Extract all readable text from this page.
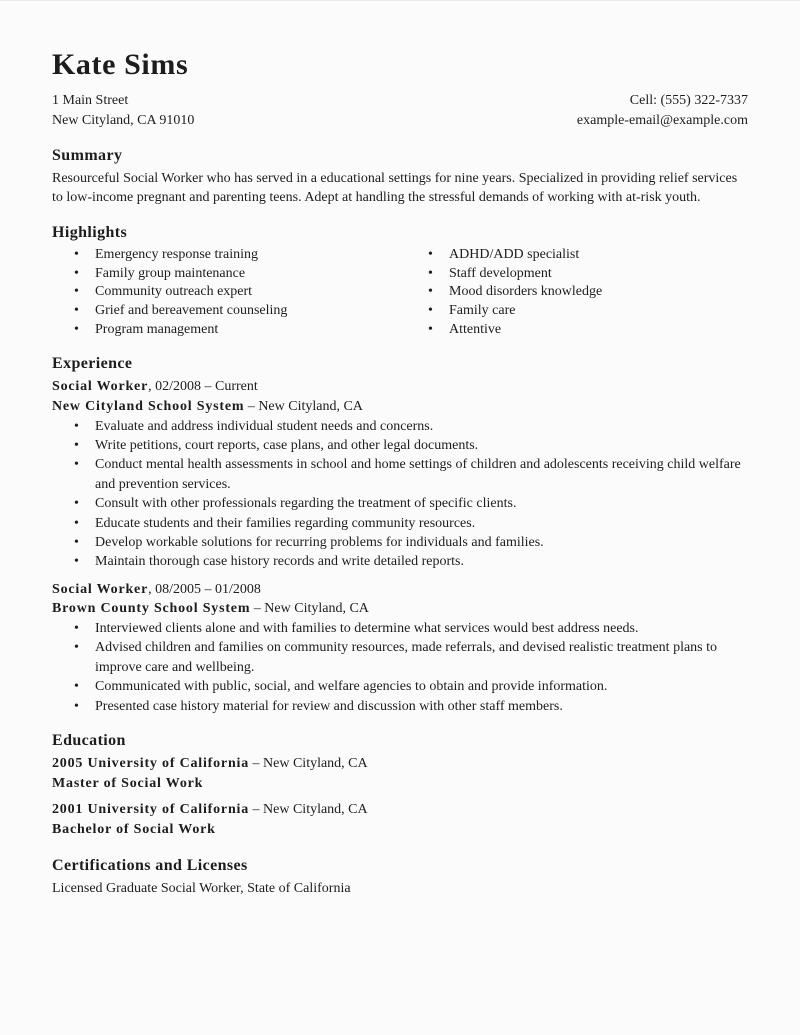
Kate Sims
1 Main Street
New Cityland, CA 91010
Cell: (555) 322-7337
example-email@example.com
Summary

Resourceful Social Worker who has served in a educational settings for nine years. Specialized in providing relief services to low-income pregnant and parenting teens. Adept at handling the stressful demands of working with at-risk youth.

Highlights
• Emergency response training
• Family group maintenance
• Community outreach expert
• Grief and bereavement counseling
• Program management
• ADHD/ADD specialist
• Staff development
• Mood disorders knowledge
• Family care
• Attentive
Experience
Social Worker, 02/2008 – Current
New Cityland School System – New Cityland, CA
• Evaluate and address individual student needs and concerns.
• Write petitions, court reports, case plans, and other legal documents.
• Conduct mental health assessments in school and home settings of children and adolescents receiving child welfare and prevention services.
• Consult with other professionals regarding the treatment of specific clients.
• Educate students and their families regarding community resources.
• Develop workable solutions for recurring problems for individuals and families.
• Maintain thorough case history records and write detailed reports.
Social Worker, 08/2005 – 01/2008
Brown County School System – New Cityland, CA
• Interviewed clients alone and with families to determine what services would best address needs.
• Advised children and families on community resources, made referrals, and devised realistic treatment plans to improve care and wellbeing.
• Communicated with public, social, and welfare agencies to obtain and provide information.
• Presented case history material for review and discussion with other staff members.
Education
2005 University of California – New Cityland, CA
Master of Social Work
2001 University of California – New Cityland, CA
Bachelor of Social Work
Certifications and Licenses

Licensed Graduate Social Worker, State of California
